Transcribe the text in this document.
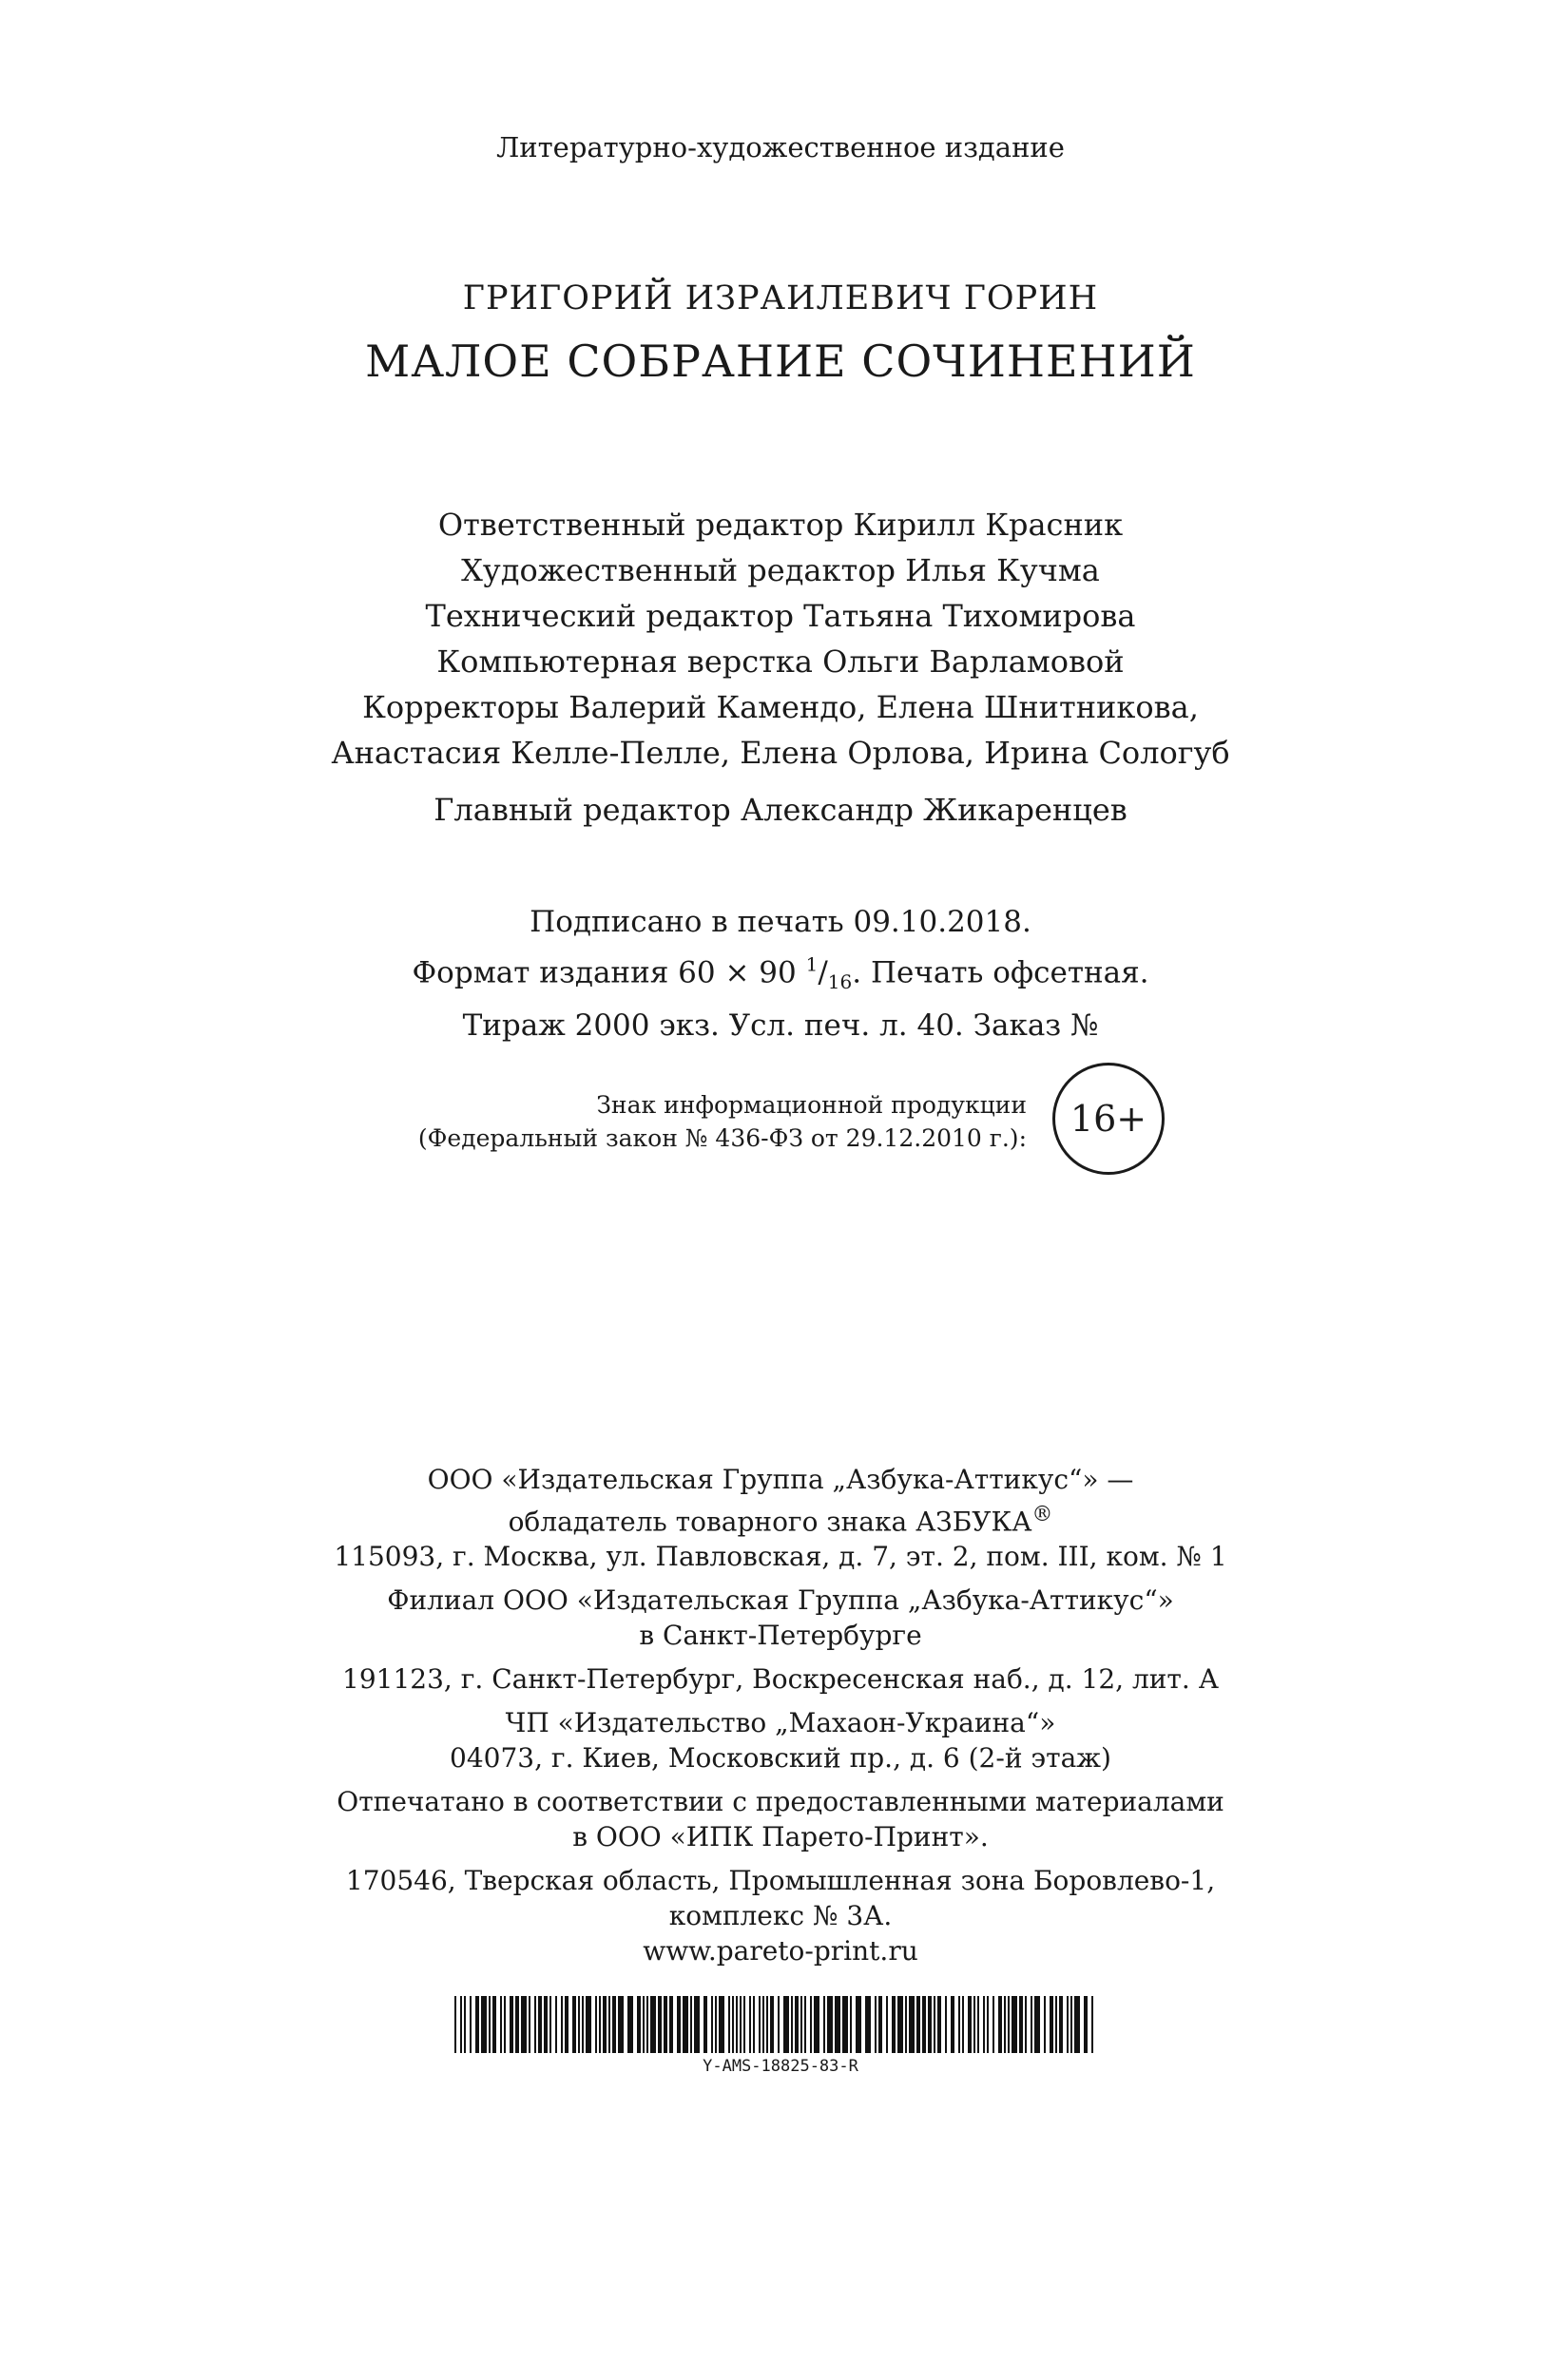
Литературно-художественное издание
ГРИГОРИЙ ИЗРАИЛЕВИЧ ГОРИН
МАЛОЕ СОБРАНИЕ СОЧИНЕНИЙ
Ответственный редактор Кирилл Красник
Художественный редактор Илья Кучма
Технический редактор Татьяна Тихомирова
Компьютерная верстка Ольги Варламовой
Корректоры Валерий Камендо, Елена Шнитникова,
Анастасия Келле-Пелле, Елена Орлова, Ирина Сологуб
Главный редактор Александр Жикаренцев
Подписано в печать 09.10.2018.
Формат издания 60 × 90 $^1/_{16}$. Печать офсетная.
Тираж 2000 экз. Усл. печ. л. 40. Заказ №
Знак информационной продукции
(Федеральный закон № 436-ФЗ от 29.12.2010 г.): 16+
ООО «Издательская Группа „Азбука-Аттикус“» —
обладатель товарного знака АЗБУКА®
115093, г. Москва, ул. Павловская, д. 7, эт. 2, пом. III, ком. № 1
Филиал ООО «Издательская Группа „Азбука-Аттикус“»
в Санкт-Петербурге
191123, г. Санкт-Петербург, Воскресенская наб., д. 12, лит. А
ЧП «Издательство „Махаон-Украина“»
04073, г. Киев, Московский пр., д. 6 (2-й этаж)
Отпечатано в соответствии с предоставленными материалами
в ООО «ИПК Парето-Принт».
170546, Тверская область, Промышленная зона Боровлево-1,
комплекс № 3А.
www.pareto-print.ru
Y-AMS-18825-83-R
